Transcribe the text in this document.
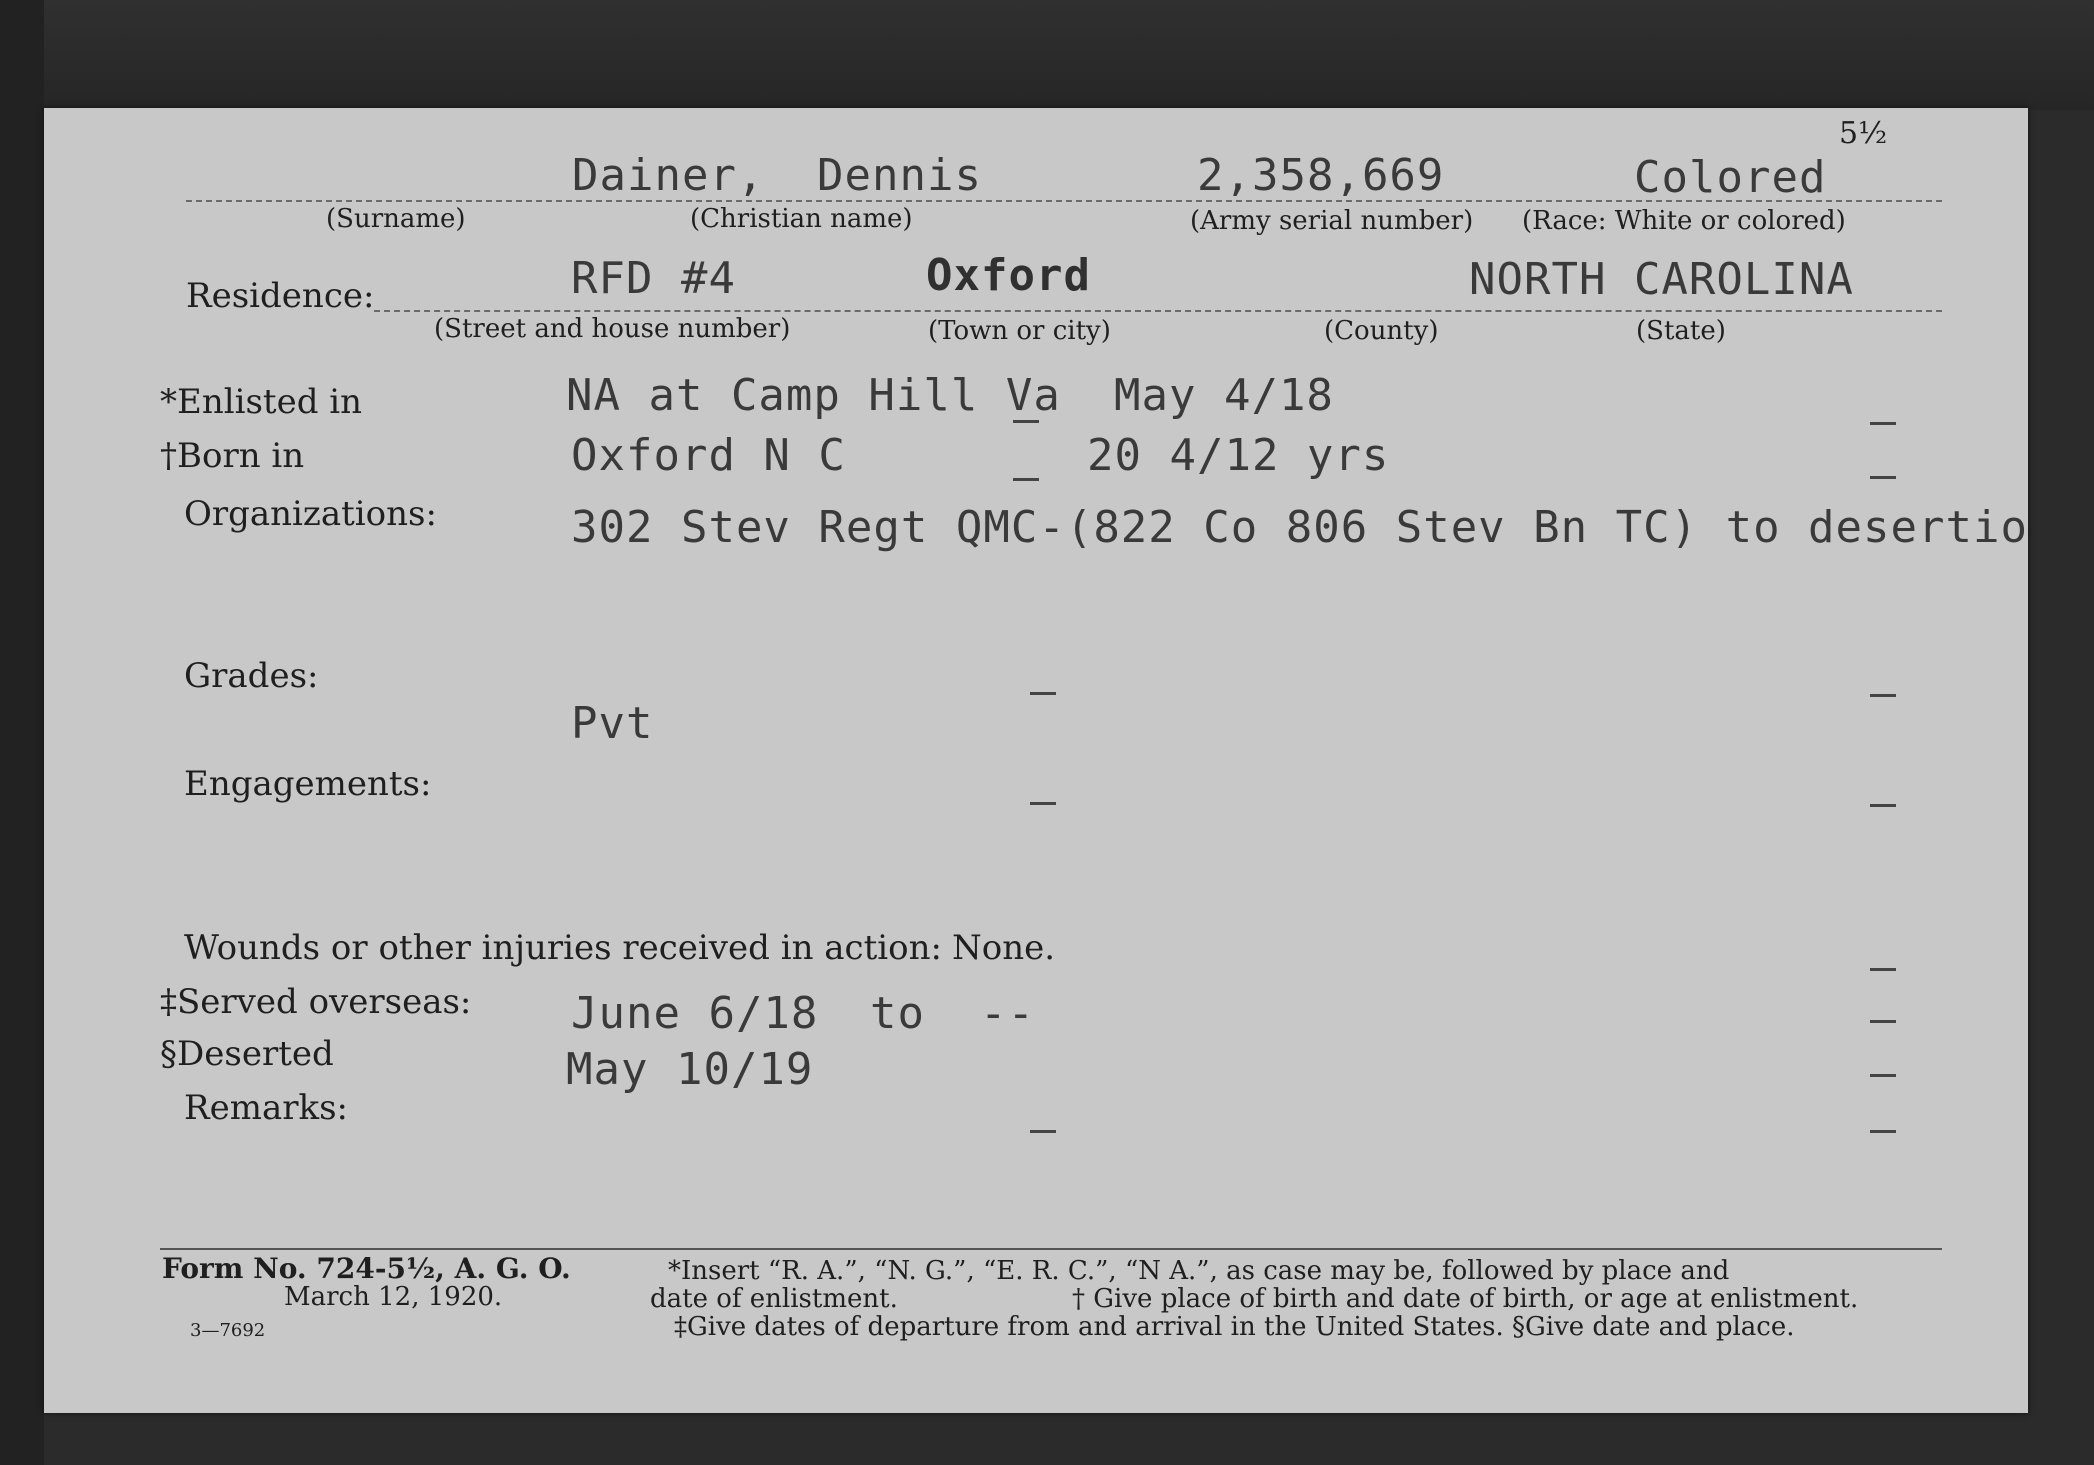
5½
Dainer, Dennis	2,358,669	Colored
(Surname)	(Christian name)	(Army serial number) (Race: White or colored)
Residence:	RFD #4	Oxford	NORTH CAROLINA
(Street and house number)	(Town or city)	(County)	(State)
*Enlisted in	NA at Camp Hill Va May 4/18
†Born in	Oxford N C	20 4/12 yrs
Organizations:	302 Stev Regt QMC-(822 Co 806 Stev Bn TC) to desertio
Grades:
Pvt
Engagements:
Wounds or other injuries received in action: None.
‡Served overseas: June 6/18 to --
§Deserted	May 10/19
Remarks:
Form No. 724-5½, A. G. O.
March 12, 1920.
3—7692
*Insert “R. A.”, “N. G.”, “E. R. C.”, “N A.”, as case may be, followed by place and
date of enlistment.	† Give place of birth and date of birth, or age at enlistment.
‡Give dates of departure from and arrival in the United States. §Give date and place.
